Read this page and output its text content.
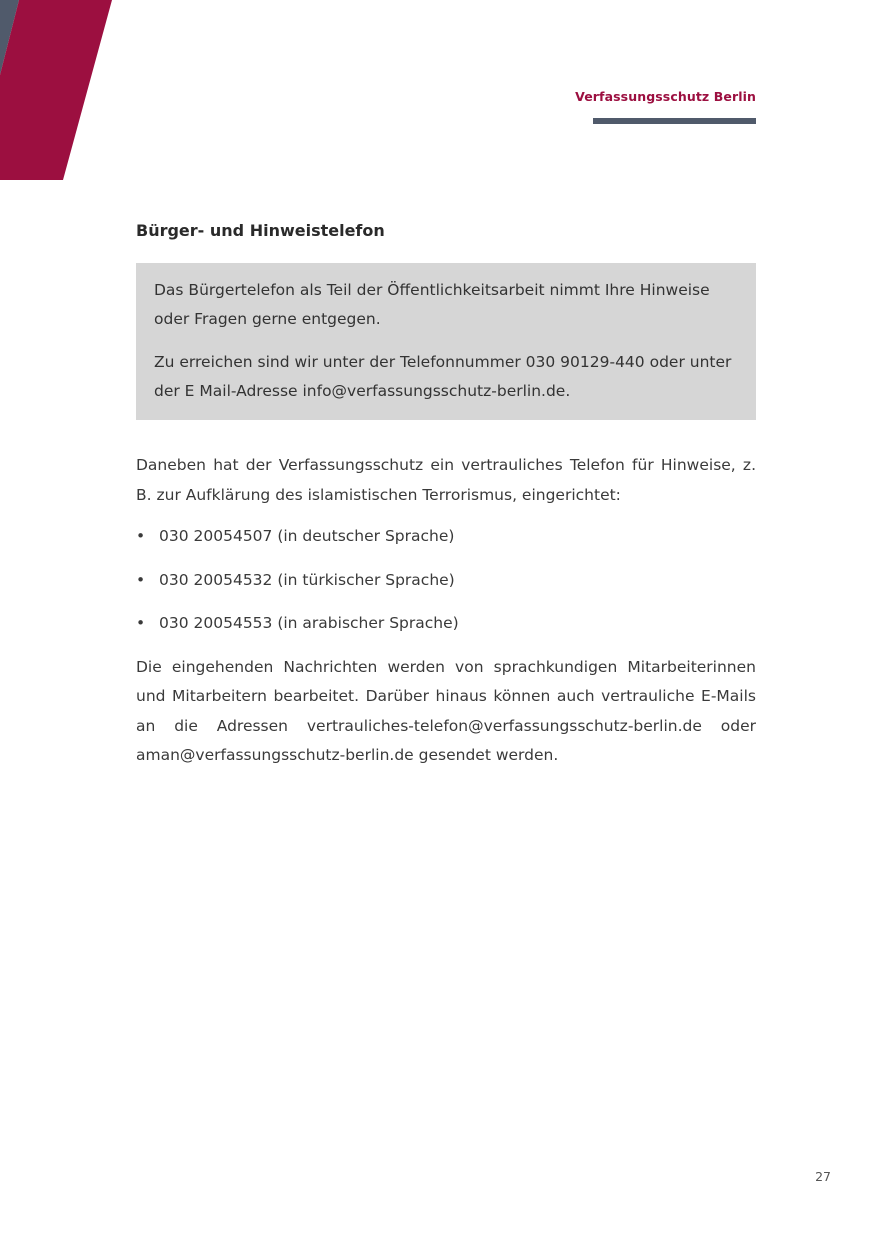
Verfassungsschutz Berlin
Bürger- und Hinweistelefon

Das Bürgertelefon als Teil der Öffentlichkeitsarbeit nimmt Ihre Hinweise oder Fragen gerne entgegen.

Zu erreichen sind wir unter der Telefonnummer 030 90129-440 oder unter der E Mail-Adresse info@verfassungsschutz-berlin.de.

Daneben hat der Verfassungsschutz ein vertrauliches Telefon für Hinweise, z. B. zur Aufklärung des islamistischen Terrorismus, eingerichtet:

• 030 20054507 (in deutscher Sprache)
• 030 20054532 (in türkischer Sprache)
• 030 20054553 (in arabischer Sprache)

Die eingehenden Nachrichten werden von sprachkundigen Mitarbeiterinnen und Mitarbeitern bearbeitet. Darüber hinaus können auch vertrauliche E-Mails an die Adressen vertrauliches-telefon@verfassungsschutz-berlin.de oder aman@verfassungsschutz-berlin.de gesendet werden.

27
